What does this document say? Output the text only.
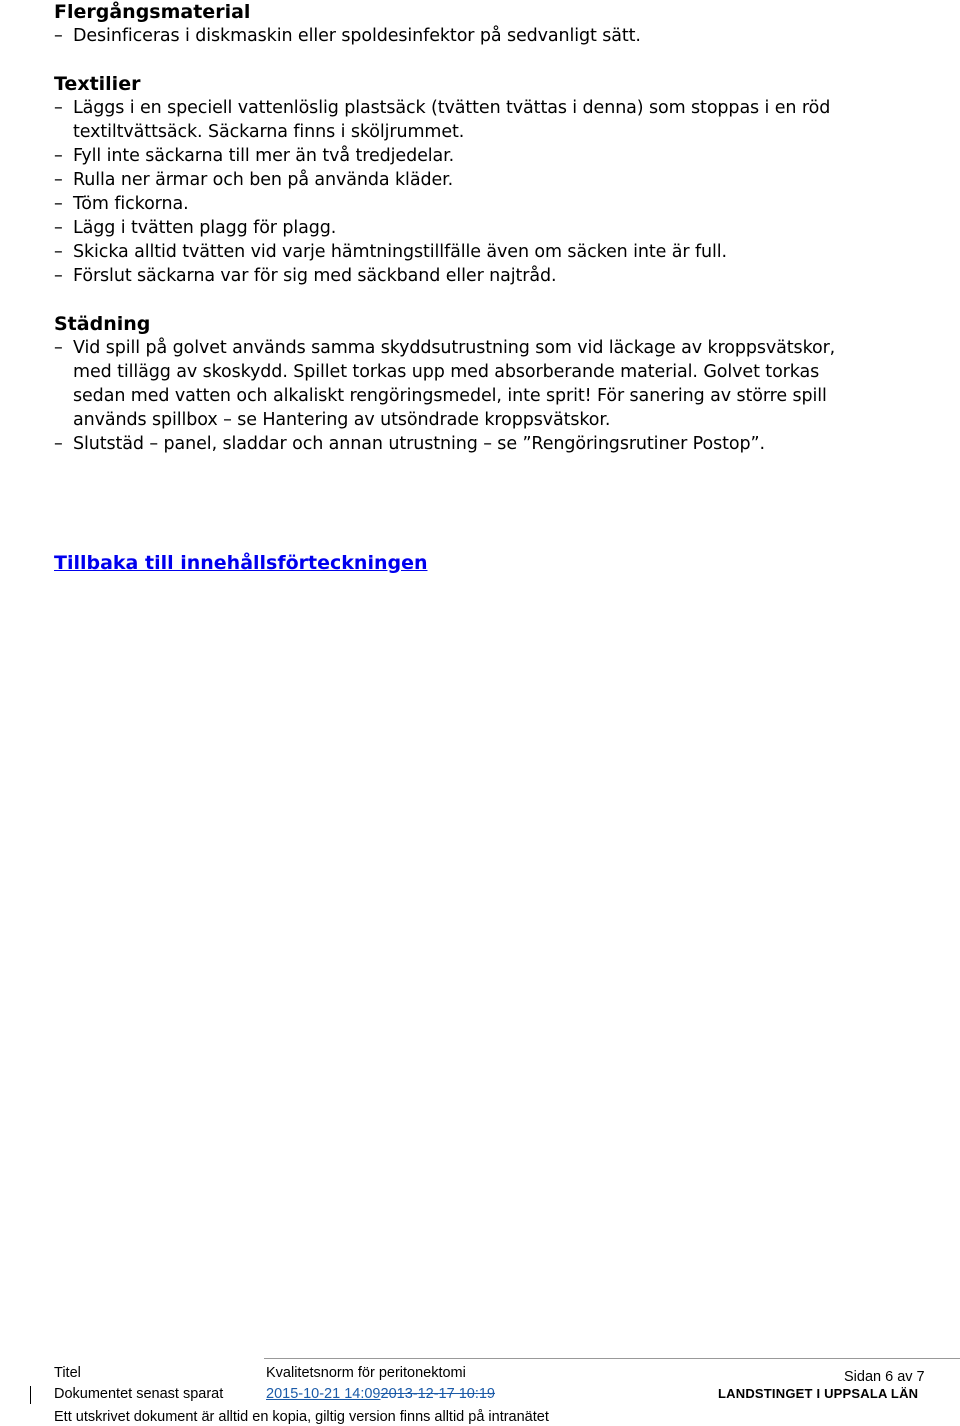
Flergångsmaterial

– Desinficeras i diskmaskin eller spoldesinfektor på sedvanligt sätt.

Textilier

– Läggs i en speciell vattenlöslig plastsäck (tvätten tvättas i denna) som stoppas i en röd textiltvättsäck. Säckarna finns i sköljrummet.
– Fyll inte säckarna till mer än två tredjedelar.
– Rulla ner ärmar och ben på använda kläder.
– Töm fickorna.
– Lägg i tvätten plagg för plagg.
– Skicka alltid tvätten vid varje hämtningstillfälle även om säcken inte är full.
– Förslut säckarna var för sig med säckband eller najtråd.

Städning

– Vid spill på golvet används samma skyddsutrustning som vid läckage av kroppsvätskor, med tillägg av skoskydd. Spillet torkas upp med absorberande material. Golvet torkas sedan med vatten och alkaliskt rengöringsmedel, inte sprit! För sanering av större spill används spillbox – se Hantering av utsöndrade kroppsvätskor.
– Slutstäd – panel, sladdar och annan utrustning – se ”Rengöringsrutiner Postop”.
Tillbaka till innehållsförteckningen
Titel	Kvalitetsnorm för peritonektomi	Sidan 6 av 7
Dokumentet senast sparat	2015-10-21 14:092013-12-17 10:19	LANDSTINGET I UPPSALA LÄN
Ett utskrivet dokument är alltid en kopia, giltig version finns alltid på intranätet
